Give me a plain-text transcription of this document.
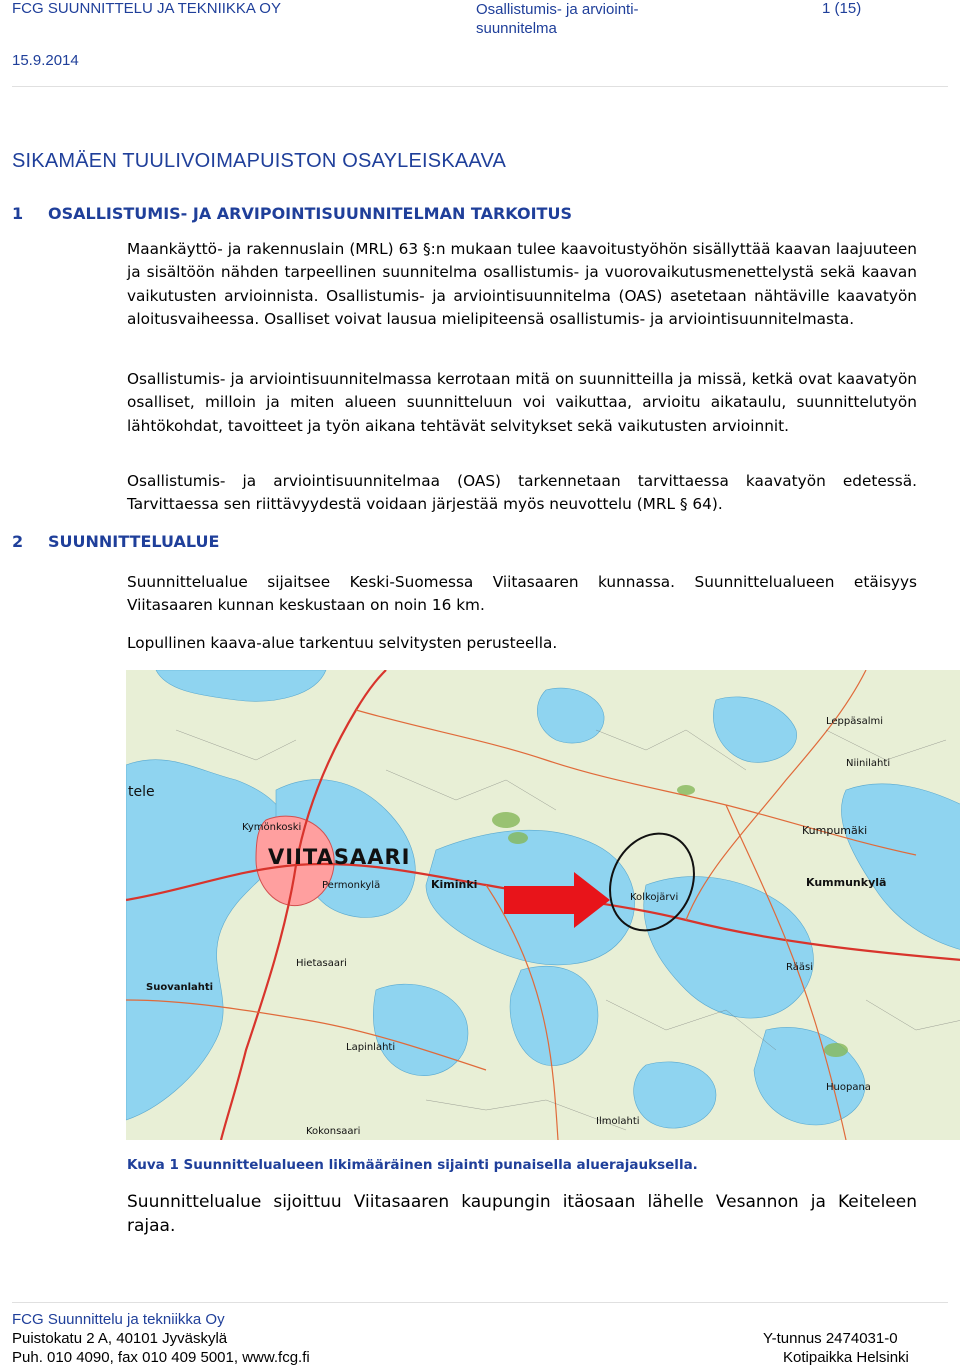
FCG SUUNNITTELU JA TEKNIIKKA OY	Osallistumis- ja arviointi-suunnitelma
1 (15)
15.9.2014
SIKAMÄEN TUULIVOIMAPUISTON OSAYLEISKAAVA
1 OSALLISTUMIS- JA ARVIPOINTISUUNNITELMAN TARKOITUS
Maankäyttö- ja rakennuslain (MRL) 63 §:n mukaan tulee kaavoitustyöhön sisällyttää kaavan laajuuteen ja sisältöön nähden tarpeellinen suunnitelma osallistumis- ja vuorovaikutusmenettelystä sekä kaavan vaikutusten arvioinnista. Osallistumis- ja arviointisuunnitelma (OAS) asetetaan nähtäville kaavatyön aloitusvaiheessa. Osalliset voivat lausua mielipiteensä osallistumis- ja arviointisuunnitelmasta.
Osallistumis- ja arviointisuunnitelmassa kerrotaan mitä on suunnitteilla ja missä, ketkä ovat kaavatyön osalliset, milloin ja miten alueen suunnitteluun voi vaikuttaa, arvioitu aikataulu, suunnittelutyön lähtökohdat, tavoitteet ja työn aikana tehtävät selvitykset sekä vaikutusten arvioinnit.
Osallistumis- ja arviointisuunnitelmaa (OAS) tarkennetaan tarvittaessa kaavatyön edetessä. Tarvittaessa sen riittävyydestä voidaan järjestää myös neuvottelu (MRL § 64).
2 SUUNNITTELUALUE
Suunnittelualue sijaitsee Keski-Suomessa Viitasaaren kunnassa. Suunnittelualueen etäisyys Viitasaaren kunnan keskustaan on noin 16 km.
Lopullinen kaava-alue tarkentuu selvitysten perusteella.
VIITASAARI
Kymönkoski
Permonkylä	Kiminki
Kumpumäki
Kummunkylä
Kolkojärvi
Hietasaari
Suovanlahti
Lapinlahti
Kokonsaari
Leppäsalmi
Niinilahti
Rääsi
Huopana
tele
Ilmolahti
Kuva 1 Suunnittelualueen likimääräinen sijainti punaisella aluerajauksella.
Suunnittelualue sijoittuu Viitasaaren kaupungin itäosaan lähelle Vesannon ja Keiteleen rajaa.
FCG Suunnittelu ja tekniikka Oy
Puistokatu 2 A, 40101 Jyväskylä
Puh. 010 4090, fax 010 409 5001, www.fcg.fi
Y-tunnus 2474031-0
Kotipaikka Helsinki
